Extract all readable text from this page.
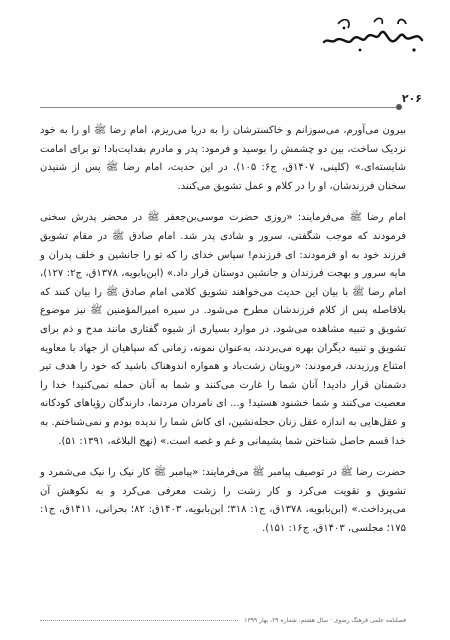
۲۰۶

بیرون می‌آورم، می‌سوزانم و خاکسترشان را به دریا می‌ریزم، امام رضا ﷺ او را به خود نزدیک ساخت، بین دو چشمش را بوسید و فرمود: پدر و مادرم بفدایت‌باد! تو برای امامت شایسته‌ای.» (کلینی، ۱۴۰۷ق، ج۶: ۱۰۵). در این حدیث، امام رضا ﷺ پس از شنیدن سخنان فرزندشان، او را در کلام و عمل تشویق می‌کنند.

امام رضا ﷺ می‌فرمایند: «روزی حضرت موسی‌بن‌جعفر ﷺ در محضر پدرش سخنی فرمودند که موجب شگفتی، سرور و شادی پدر شد. امام صادق ﷺ در مقام تشویق فرزند خود به او فرمودند: ای فرزندم! سپاس خدای را که تو را جانشین و خلف پدران و مایه سرور و بهجت فرزندان و جانشین دوستان قرار داد.» (ابن‌بابویه، ۱۳۷۸ق، ج۲: ۱۲۷)، امام رضا ﷺ با بیان این حدیث می‌خواهند تشویق کلامی امام صادق ﷺ را بیان کنند که بلافاصله پس از کلام فرزندشان مطرح می‌شود. در سیره امیرالمؤمنین ﷺ نیز موضوع تشویق و تنبیه مشاهده می‌شود. در موارد بسیاری از شیوه گفتاری مانند مدح و ذم برای تشویق و تنبیه دیگران بهره می‌بردند، به‌عنوان نمونه، زمانی که سپاهیان از جهاد با معاویه امتناع ورزیدند، فرمودند: «رویتان زشت‌باد و همواره اندوهناک باشید که خود را هدف تیر دشمنان قرار دادید! آنان شما را غارت می‌کنند و شما به آنان حمله نمی‌کنید! خدا را معصیت می‌کنند و شما خشنود هستید! و... ای نامردان مردنما، دارندگان رؤیاهای کودکانه و عقل‌هایی به اندازه عقل زنان حجله‌نشین، ای کاش شما را ندیده بودم و نمی‌شناختم. به خدا قسم حاصل شناختن شما پشیمانی و غم و غصه است.» (نهج البلاغه، ۱۳۹۱: ۵۱).

حضرت رضا ﷺ در توصیف پیامبر ﷺ می‌فرمایند: «پیامبر ﷺ کار نیک را نیک می‌شمرد و تشویق و تقویت می‌کرد و کار زشت را زشت معرفی می‌کرد و به نکوهش آن می‌پرداخت.» (ابن‌بابویه، ۱۳۷۸ق، ج۱: ۳۱۸؛ ابن‌بابویه، ۱۴۰۳ق: ۸۲؛ بحرانی، ۱۴۱۱ق، ج۱: ۱۷۵؛ مجلسی، ۱۴۰۳ق، ج۱۶: ۱۵۱).

فصلنامه علمی فرهنگ رضوی · سال هشتم، شماره ۲۹، بهار ۱۳۹۹
